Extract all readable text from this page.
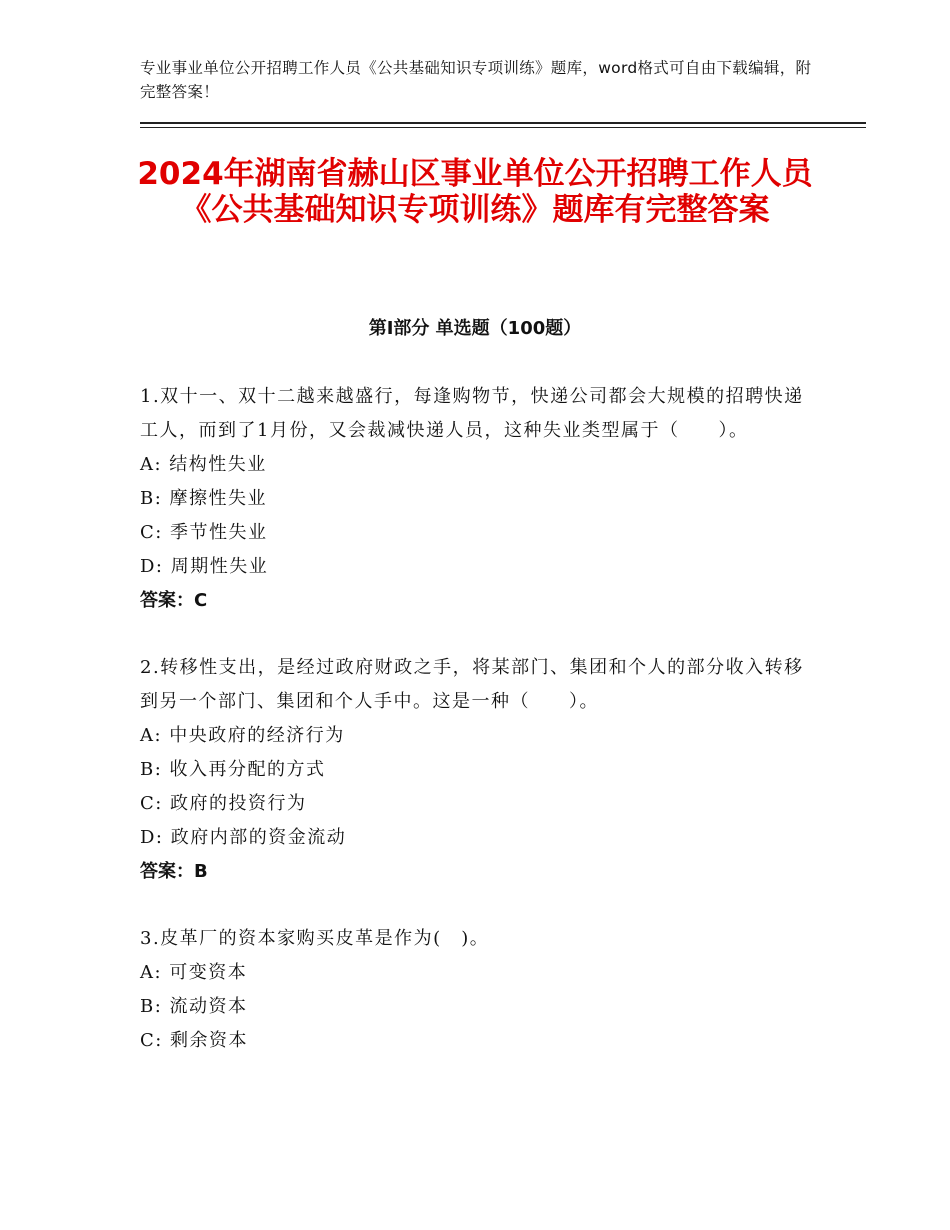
专业事业单位公开招聘工作人员《公共基础知识专项训练》题库，word格式可自由下载编辑，附完整答案！
2024年湖南省赫山区事业单位公开招聘工作人员《公共基础知识专项训练》题库有完整答案
第Ⅰ部分 单选题（100题）
1.双十一、双十二越来越盛行，每逢购物节，快递公司都会大规模的招聘快递工人，而到了1月份，又会裁减快递人员，这种失业类型属于（　　）。
A: 结构性失业
B: 摩擦性失业
C: 季节性失业
D: 周期性失业
答案：C
2.转移性支出，是经过政府财政之手，将某部门、集团和个人的部分收入转移到另一个部门、集团和个人手中。这是一种（　　）。
A: 中央政府的经济行为
B: 收入再分配的方式
C: 政府的投资行为
D: 政府内部的资金流动
答案：B
3.皮革厂的资本家购买皮革是作为(　)。
A: 可变资本
B: 流动资本
C: 剩余资本
